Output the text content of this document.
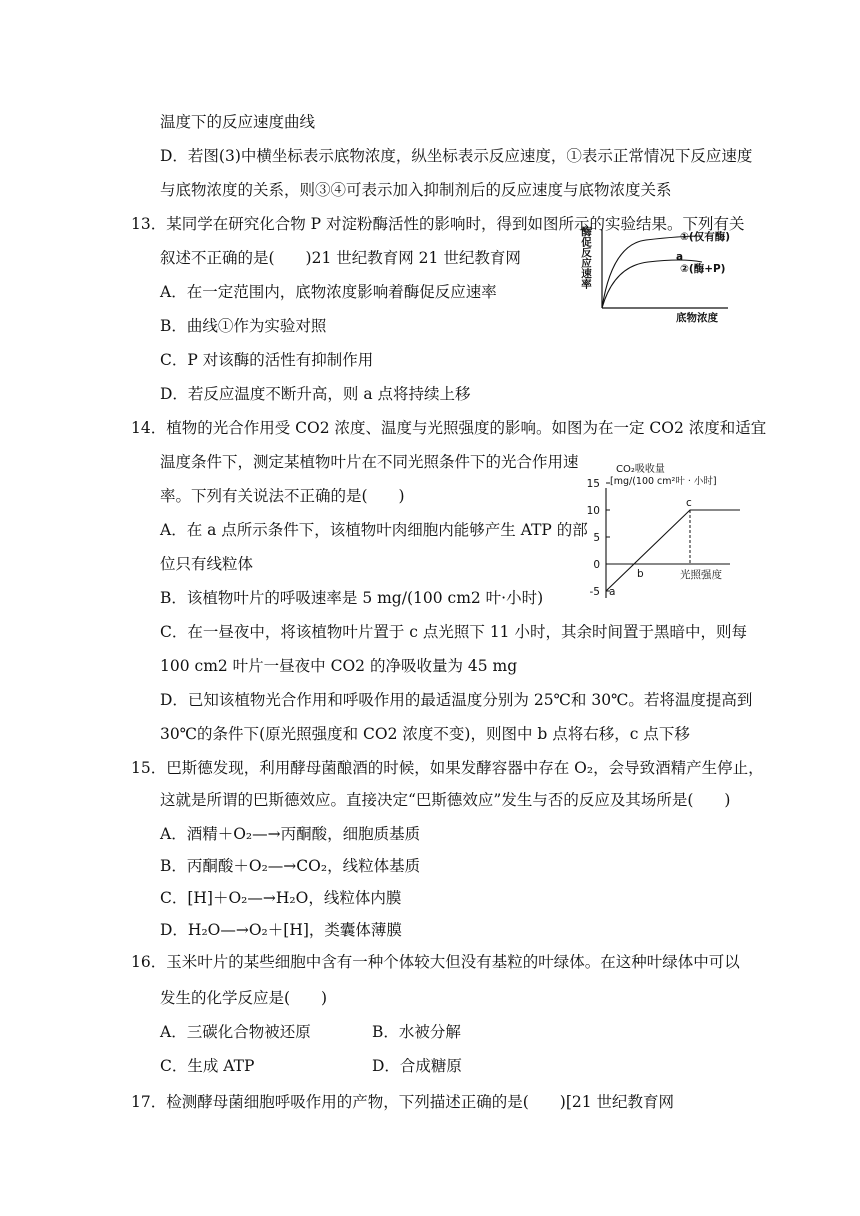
温度下的反应速度曲线
D．若图(3)中横坐标表示底物浓度，纵坐标表示反应速度，①表示正常情况下反应速度
与底物浓度的关系，则③④可表示加入抑制剂后的反应速度与底物浓度关系
13．某同学在研究化合物 P 对淀粉酶活性的影响时，得到如图所示的实验结果。下列有关
叙述不正确的是(　　)21 世纪教育网 21 世纪教育网
A．在一定范围内，底物浓度影响着酶促反应速率
B．曲线①作为实验对照
C．P 对该酶的活性有抑制作用
D．若反应温度不断升高，则 a 点将持续上移
酶促反应速率	①(仅有酶)
a
②(酶+P)
底物浓度
14．植物的光合作用受 CO2 浓度、温度与光照强度的影响。如图为在一定 CO2 浓度和适宜
温度条件下，测定某植物叶片在不同光照条件下的光合作用速
率。下列有关说法不正确的是(　　)
A．在 a 点所示条件下，该植物叶肉细胞内能够产生 ATP 的部
位只有线粒体
B．该植物叶片的呼吸速率是 5 mg/(100 cm2 叶·小时)
C．在一昼夜中，将该植物叶片置于 c 点光照下 11 小时，其余时间置于黑暗中，则每
100 cm2 叶片一昼夜中 CO2 的净吸收量为 45 mg
D．已知该植物光合作用和呼吸作用的最适温度分别为 25℃和 30℃。若将温度提高到
30℃的条件下(原光照强度和 CO2 浓度不变)，则图中 b 点将右移，c 点下移
CO₂吸收量
[mg/(100 cm²叶 · 小时]
15
10
5
0
-5 a
b
c
光照强度
15．巴斯德发现，利用酵母菌酿酒的时候，如果发酵容器中存在 O₂，会导致酒精产生停止，
这就是所谓的巴斯德效应。直接决定“巴斯德效应”发生与否的反应及其场所是(　　)
A．酒精＋O₂—→丙酮酸，细胞质基质
B．丙酮酸＋O₂—→CO₂，线粒体基质
C．[H]＋O₂—→H₂O，线粒体内膜
D．H₂O—→O₂＋[H]，类囊体薄膜
16．玉米叶片的某些细胞中含有一种个体较大但没有基粒的叶绿体。在这种叶绿体中可以
发生的化学反应是(　　)
A．三碳化合物被还原	B．水被分解
C．生成 ATP	D．合成糖原
17．检测酵母菌细胞呼吸作用的产物，下列描述正确的是(　　)[21 世纪教育网
